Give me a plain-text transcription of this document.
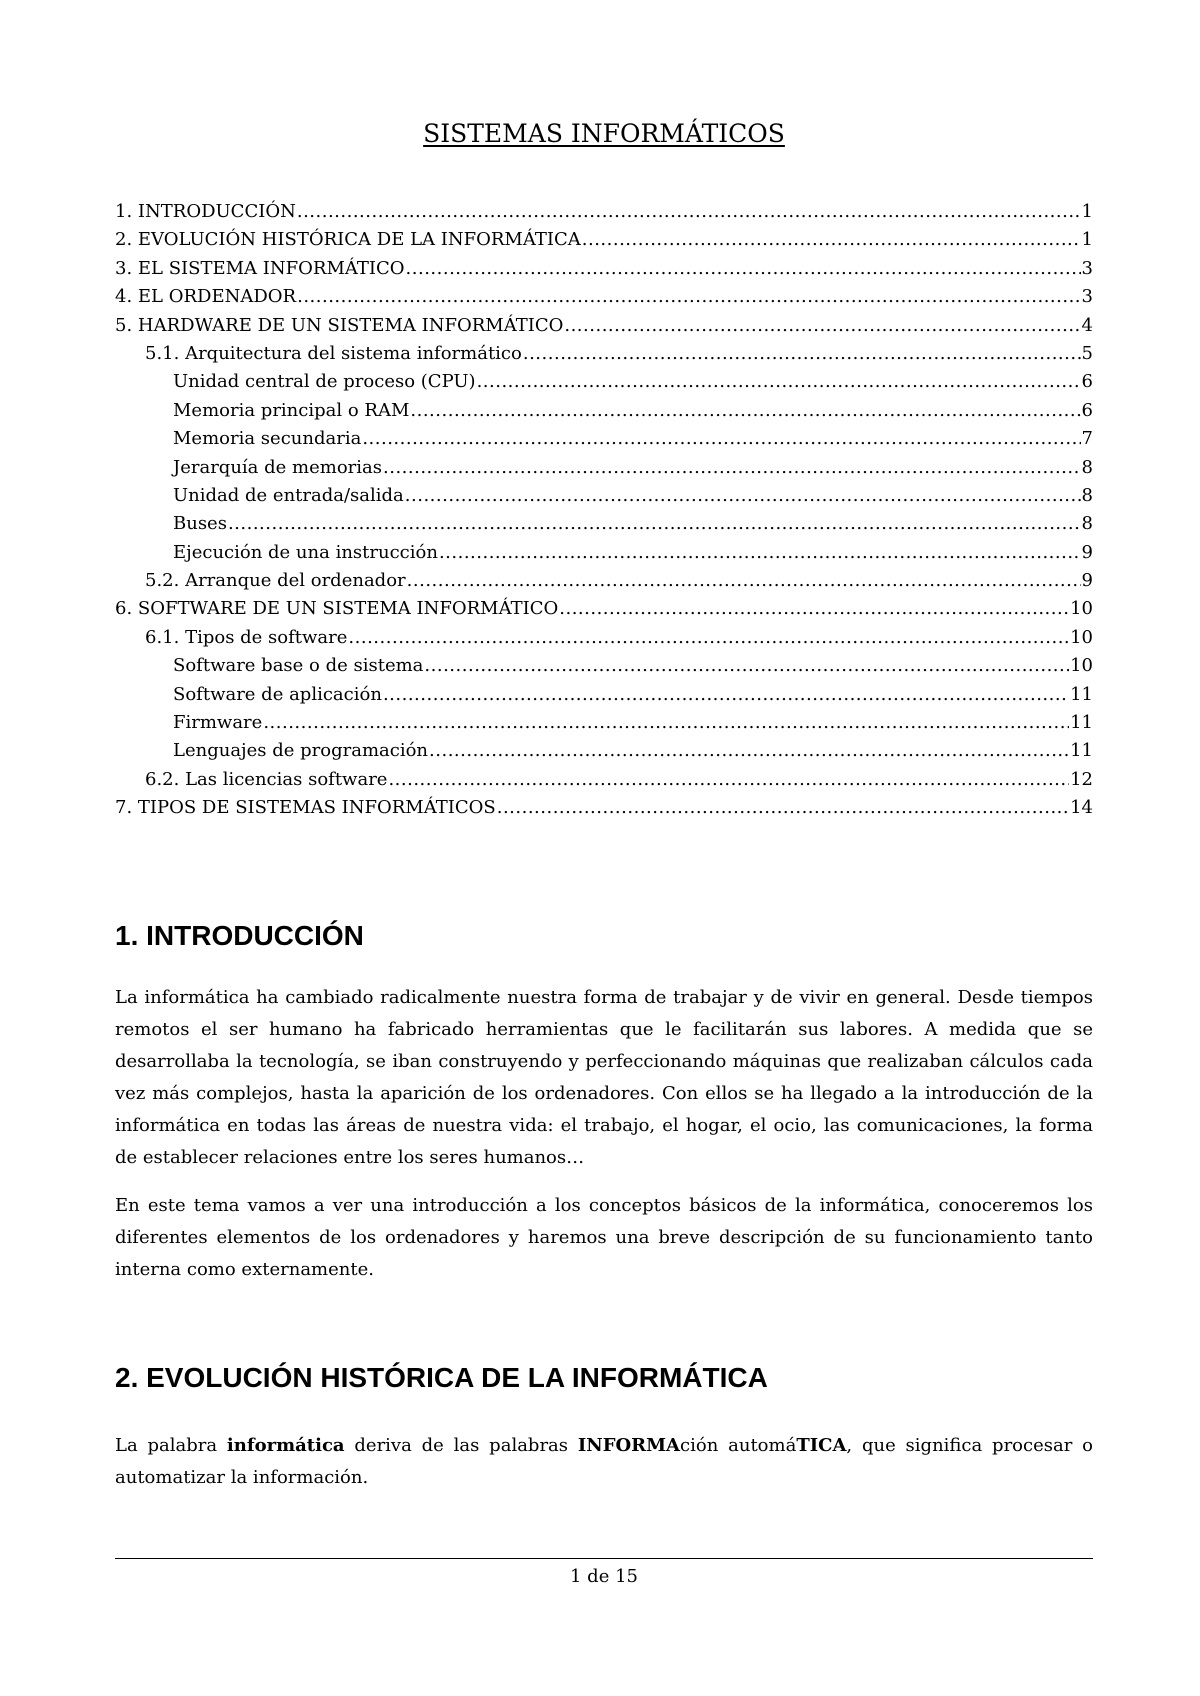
SISTEMAS INFORMÁTICOS
1. INTRODUCCIÓN .....	1
2. EVOLUCIÓN HISTÓRICA DE LA INFORMÁTICA .....	1
3. EL SISTEMA INFORMÁTICO .....	3
4. EL ORDENADOR .....	3
5. HARDWARE DE UN SISTEMA INFORMÁTICO .....	4
5.1. Arquitectura del sistema informático .....	5
Unidad central de proceso (CPU) .....	6
Memoria principal o RAM .....	6
Memoria secundaria .....	7
Jerarquía de memorias .....	8
Unidad de entrada/salida .....	8
Buses .....	8
Ejecución de una instrucción .....	9
5.2. Arranque del ordenador .....	9
6. SOFTWARE DE UN SISTEMA INFORMÁTICO .....	10
6.1. Tipos de software .....	10
Software base o de sistema .....	10
Software de aplicación .....	11
Firmware .....	11
Lenguajes de programación .....	11
6.2. Las licencias software .....	12
7. TIPOS DE SISTEMAS INFORMÁTICOS .....	14
1. INTRODUCCIÓN

La informática ha cambiado radicalmente nuestra forma de trabajar y de vivir en general. Desde tiempos remotos el ser humano ha fabricado herramientas que le facilitarán sus labores. A medida que se desarrollaba la tecnología, se iban construyendo y perfeccionando máquinas que realizaban cálculos cada vez más complejos, hasta la aparición de los ordenadores. Con ellos se ha llegado a la introducción de la informática en todas las áreas de nuestra vida: el trabajo, el hogar, el ocio, las comunicaciones, la forma de establecer relaciones entre los seres humanos…

En este tema vamos a ver una introducción a los conceptos básicos de la informática, conoceremos los diferentes elementos de los ordenadores y haremos una breve descripción de su funcionamiento tanto interna como externamente.

2. EVOLUCIÓN HISTÓRICA DE LA INFORMÁTICA

La palabra informática deriva de las palabras INFORMAción automáTICA, que significa procesar o automatizar la información.

1 de 15
